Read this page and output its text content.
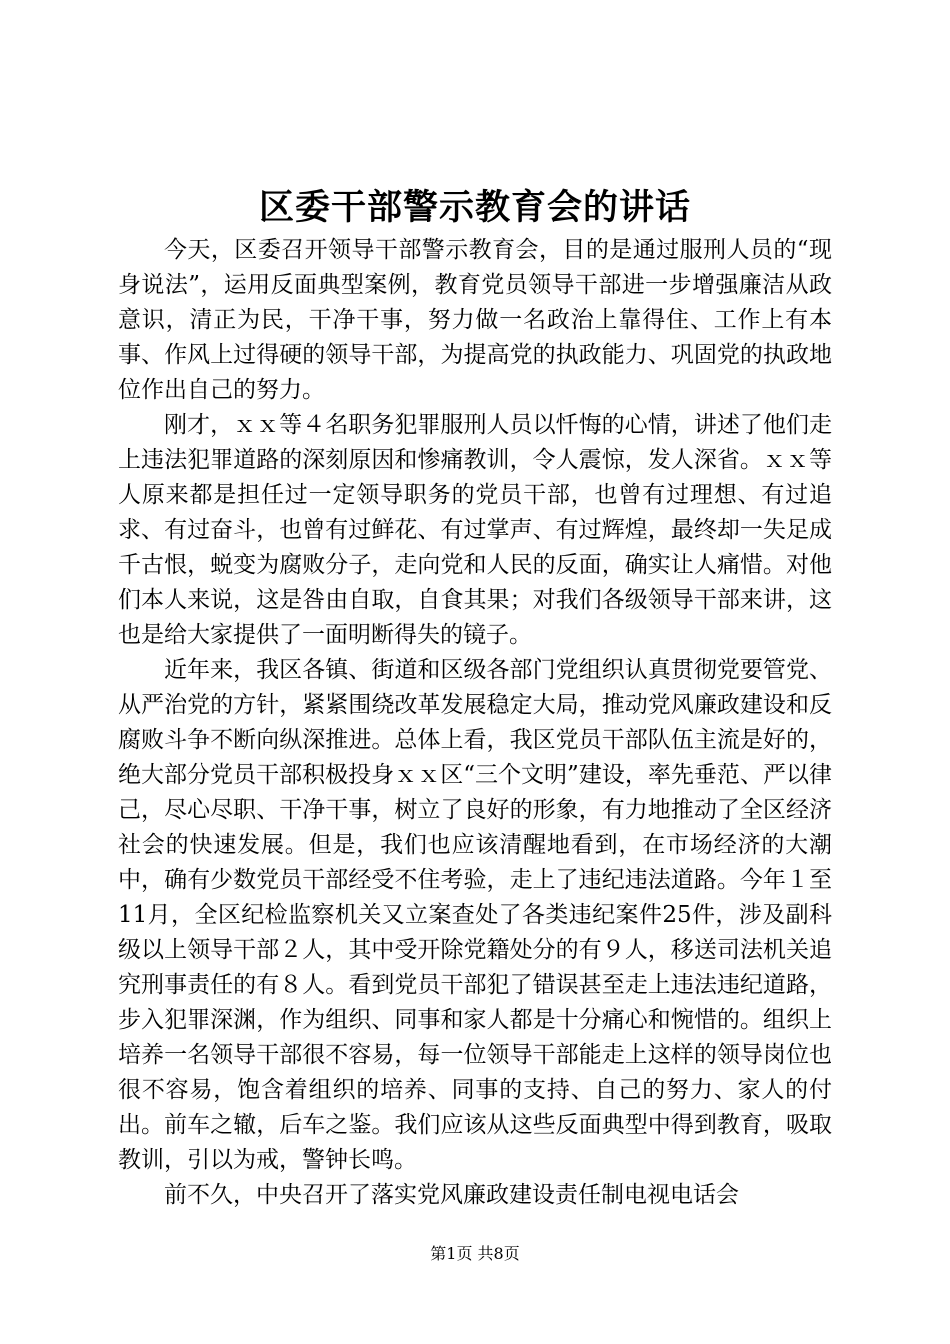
区委干部警示教育会的讲话

今天，区委召开领导干部警示教育会，目的是通过服刑人员的“现身说法”，运用反面典型案例，教育党员领导干部进一步增强廉洁从政意识，清正为民，干净干事，努力做一名政治上靠得住、工作上有本事、作风上过得硬的领导干部，为提高党的执政能力、巩固党的执政地位作出自己的努力。

刚才，ｘｘ等４名职务犯罪服刑人员以忏悔的心情，讲述了他们走上违法犯罪道路的深刻原因和惨痛教训，令人震惊，发人深省。ｘｘ等人原来都是担任过一定领导职务的党员干部，也曾有过理想、有过追求、有过奋斗，也曾有过鲜花、有过掌声、有过辉煌，最终却一失足成千古恨，蜕变为腐败分子，走向党和人民的反面，确实让人痛惜。对他们本人来说，这是咎由自取，自食其果；对我们各级领导干部来讲，这也是给大家提供了一面明断得失的镜子。

近年来，我区各镇、街道和区级各部门党组织认真贯彻党要管党、从严治党的方针，紧紧围绕改革发展稳定大局，推动党风廉政建设和反腐败斗争不断向纵深推进。总体上看，我区党员干部队伍主流是好的，绝大部分党员干部积极投身ｘｘ区“三个文明”建设，率先垂范、严以律己，尽心尽职、干净干事，树立了良好的形象，有力地推动了全区经济社会的快速发展。但是，我们也应该清醒地看到，在市场经济的大潮中，确有少数党员干部经受不住考验，走上了违纪违法道路。今年１至11月，全区纪检监察机关又立案查处了各类违纪案件25件，涉及副科级以上领导干部２人，其中受开除党籍处分的有９人，移送司法机关追究刑事责任的有８人。看到党员干部犯了错误甚至走上违法违纪道路，步入犯罪深渊，作为组织、同事和家人都是十分痛心和惋惜的。组织上培养一名领导干部很不容易，每一位领导干部能走上这样的领导岗位也很不容易，饱含着组织的培养、同事的支持、自己的努力、家人的付出。前车之辙，后车之鉴。我们应该从这些反面典型中得到教育，吸取教训，引以为戒，警钟长鸣。

前不久，中央召开了落实党风廉政建设责任制电视电话会

第1页 共8页
